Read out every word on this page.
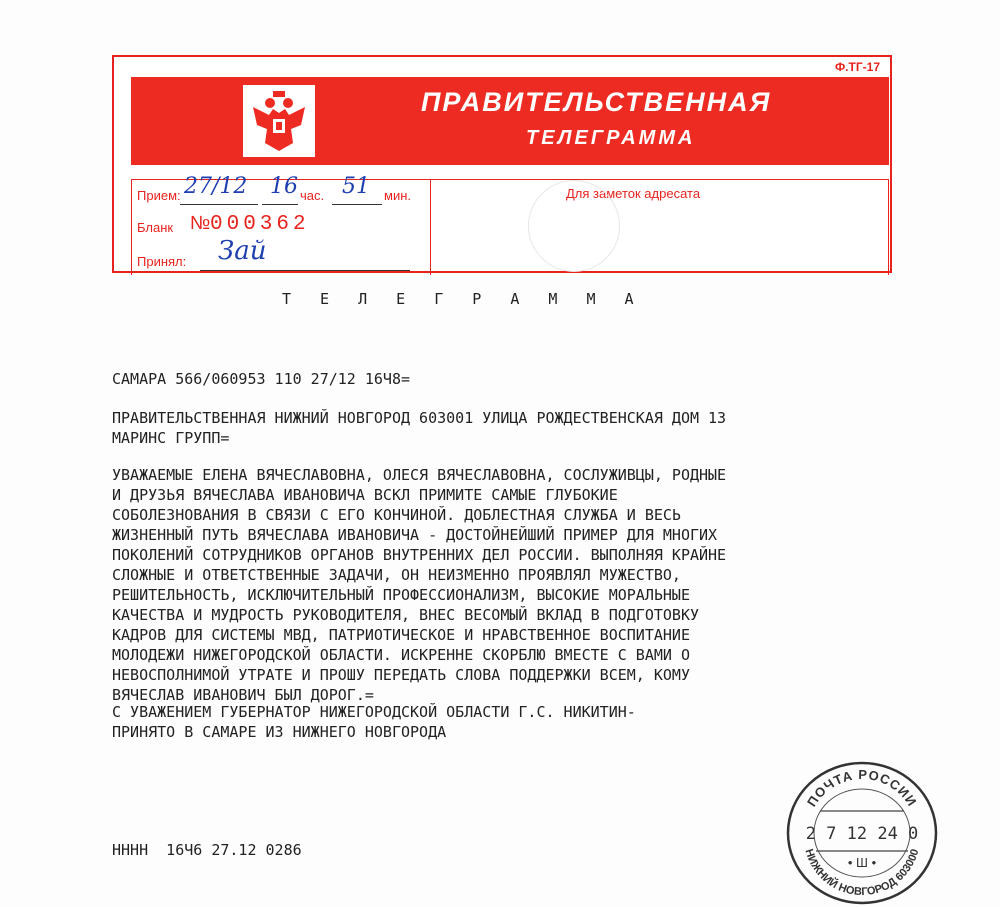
Ф.ТГ-17
ПРАВИТЕЛЬСТВЕННАЯ
ТЕЛЕГРАММА
Прием: 27/12 16 час. 51 мин.
Бланк № 000362
Принял: Зай
Для заметок адресата
Т Е Л Е Г Р А М М А
САМАРА 566/060953 110 27/12 16Ч8=
ПРАВИТЕЛЬСТВЕННАЯ НИЖНИЙ НОВГОРОД 603001 УЛИЦА РОЖДЕСТВЕНСКАЯ ДОМ 13
МАРИНС ГРУПП=
УВАЖАЕМЫЕ ЕЛЕНА ВЯЧЕСЛАВОВНА, ОЛЕСЯ ВЯЧЕСЛАВОВНА, СОСЛУЖИВЦЫ, РОДНЫЕ
И ДРУЗЬЯ ВЯЧЕСЛАВА ИВАНОВИЧА ВСКЛ ПРИМИТЕ САМЫЕ ГЛУБОКИЕ
СОБОЛЕЗНОВАНИЯ В СВЯЗИ С ЕГО КОНЧИНОЙ. ДОБЛЕСТНАЯ СЛУЖБА И ВЕСЬ
ЖИЗНЕННЫЙ ПУТЬ ВЯЧЕСЛАВА ИВАНОВИЧА - ДОСТОЙНЕЙШИЙ ПРИМЕР ДЛЯ МНОГИХ
ПОКОЛЕНИЙ СОТРУДНИКОВ ОРГАНОВ ВНУТРЕННИХ ДЕЛ РОССИИ. ВЫПОЛНЯЯ КРАЙНЕ
СЛОЖНЫЕ И ОТВЕТСТВЕННЫЕ ЗАДАЧИ, ОН НЕИЗМЕННО ПРОЯВЛЯЛ МУЖЕСТВО,
РЕШИТЕЛЬНОСТЬ, ИСКЛЮЧИТЕЛЬНЫЙ ПРОФЕССИОНАЛИЗМ, ВЫСОКИЕ МОРАЛЬНЫЕ
КАЧЕСТВА И МУДРОСТЬ РУКОВОДИТЕЛЯ, ВНЕС ВЕСОМЫЙ ВКЛАД В ПОДГОТОВКУ
КАДРОВ ДЛЯ СИСТЕМЫ МВД, ПАТРИОТИЧЕСКОЕ И НРАВСТВЕННОЕ ВОСПИТАНИЕ
МОЛОДЕЖИ НИЖЕГОРОДСКОЙ ОБЛАСТИ. ИСКРЕННЕ СКОРБЛЮ ВМЕСТЕ С ВАМИ О
НЕВОСПОЛНИМОЙ УТРАТЕ И ПРОШУ ПЕРЕДАТЬ СЛОВА ПОДДЕРЖКИ ВСЕМ, КОМУ
ВЯЧЕСЛАВ ИВАНОВИЧ БЫЛ ДОРОГ.=
С УВАЖЕНИЕМ ГУБЕРНАТОР НИЖЕГОРОДСКОЙ ОБЛАСТИ Г.С. НИКИТИН-
ПРИНЯТО В САМАРЕ ИЗ НИЖНЕГО НОВГОРОДА
НННН  16Ч6 27.12 0286
ПОЧТА РОССИИ
2 7 12 24 0
• Ш •
НИЖНИЙ НОВГОРОД 603000
